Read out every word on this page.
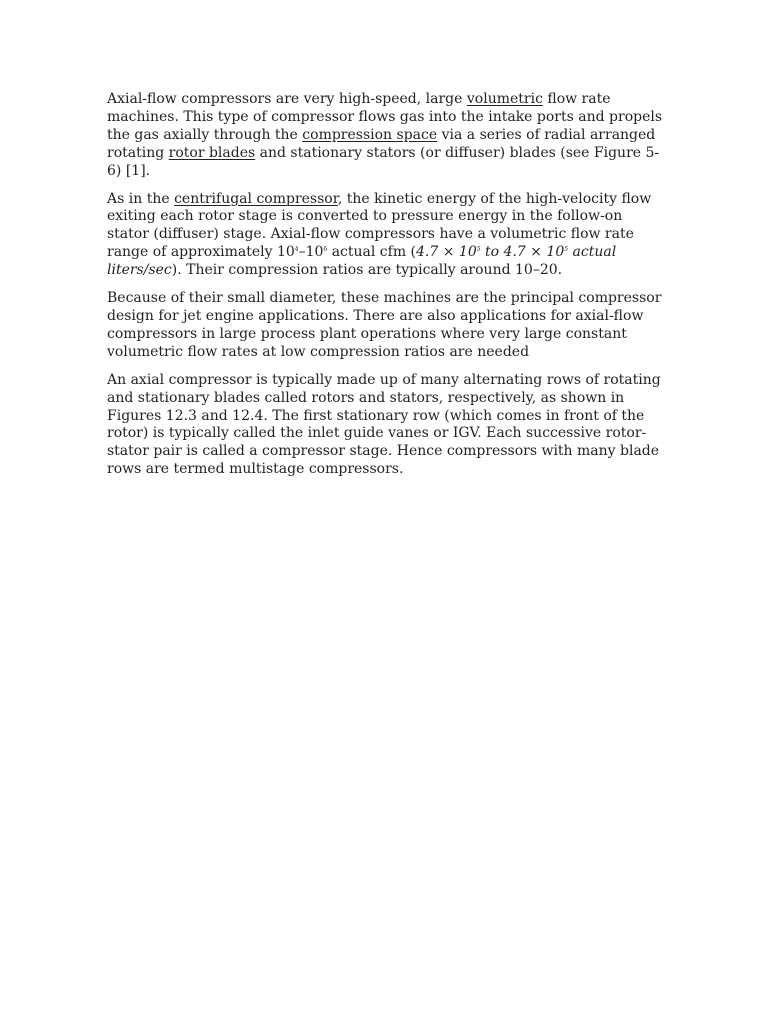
Axial-flow compressors are very high-speed, large volumetric flow rate machines. This type of compressor flows gas into the intake ports and propels the gas axially through the compression space via a series of radial arranged rotating rotor blades and stationary stators (or diffuser) blades (see Figure 5-6) [1].

As in the centrifugal compressor, the kinetic energy of the high-velocity flow exiting each rotor stage is converted to pressure energy in the follow-on stator (diffuser) stage. Axial-flow compressors have a volumetric flow rate range of approximately $10^4-10^6$ actual cfm ($4.7 \times 10^5$ to $4.7 \times 10^5$ actual liters/sec). Their compression ratios are typically around 10–20.

Because of their small diameter, these machines are the principal compressor design for jet engine applications. There are also applications for axial-flow compressors in large process plant operations where very large constant volumetric flow rates at low compression ratios are needed

An axial compressor is typically made up of many alternating rows of rotating and stationary blades called rotors and stators, respectively, as shown in Figures 12.3 and 12.4. The first stationary row (which comes in front of the rotor) is typically called the inlet guide vanes or IGV. Each successive rotor-stator pair is called a compressor stage. Hence compressors with many blade rows are termed multistage compressors.
